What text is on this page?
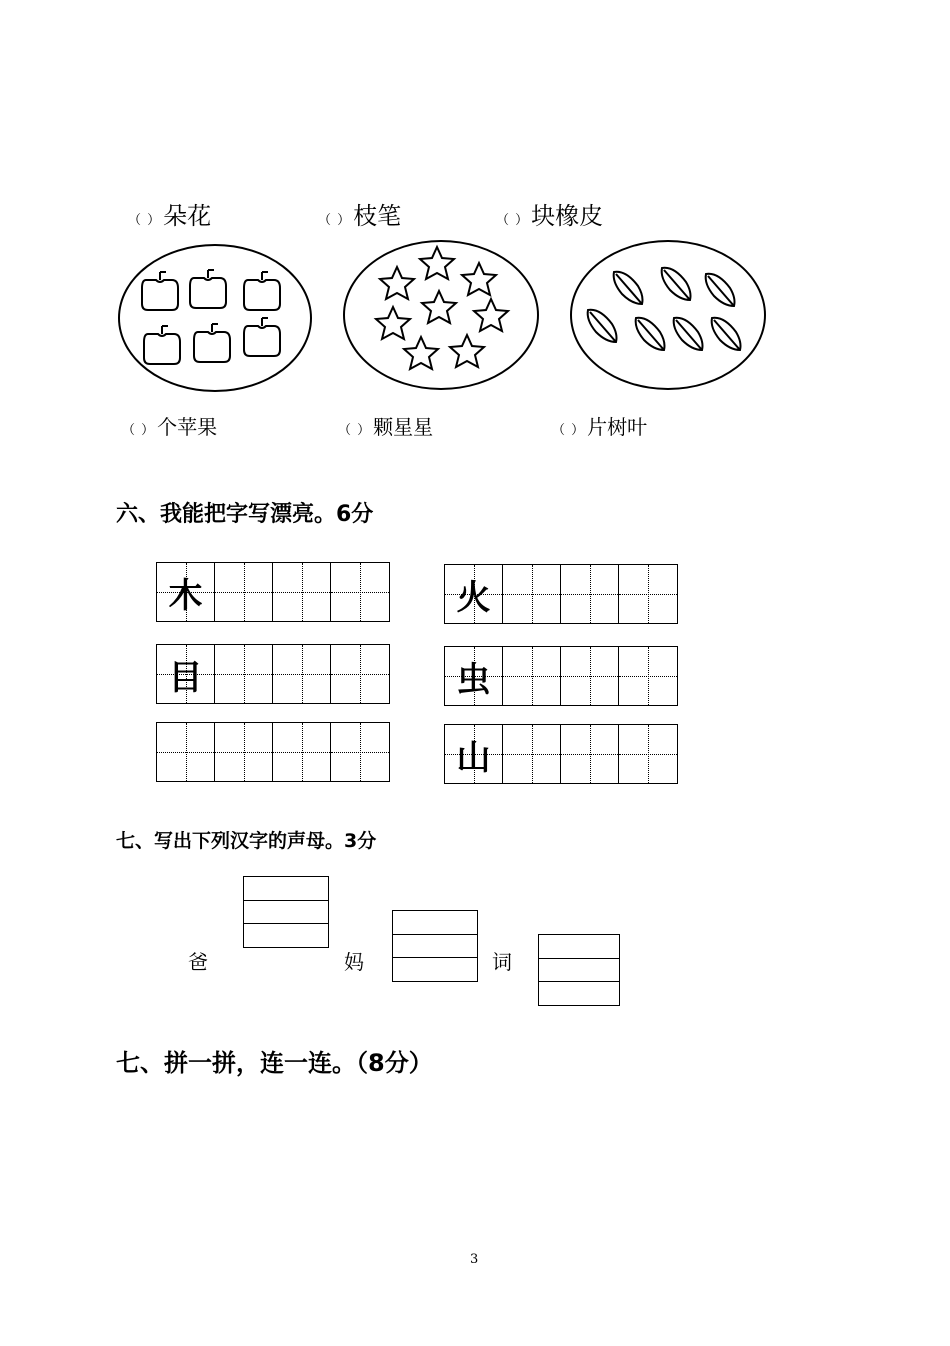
（ ）朵花	（ ）枝笔	（ ）块橡皮
（ ） 个苹果	（ ） 颗星星	（ ） 片树叶
六、我能把字写漂亮。6分
木
目
火
虫
山
七、写出下列汉字的声母。3分
爸	妈	词
七、拼一拼，连一连。（8分）
3
